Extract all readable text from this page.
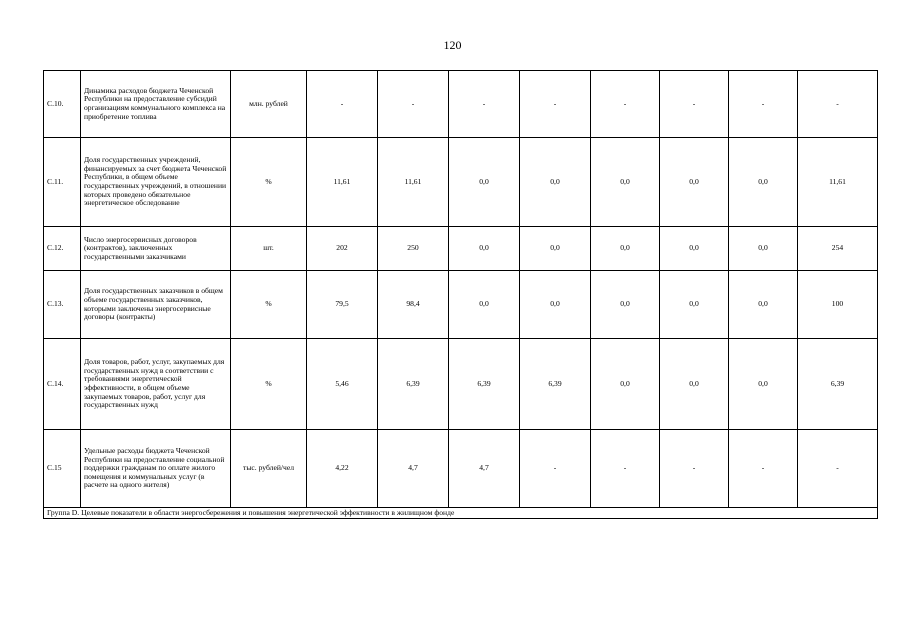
120
С.10.	Динамика расходов бюджета Чеченской Республики на предоставление субсидий организациям коммунального комплекса на приобретение топлива	млн. рублей	-	-	-	-	-	-	-	-
С.11.	Доля государственных учреждений, финансируемых за счет бюджета Чеченской Республики, в общем объеме государственных учреждений, в отношении которых проведено обязательное энергетическое обследование	%	11,61	11,61	0,0	0,0	0,0	0,0	0,0	11,61
С.12.	Число энергосервисных договоров (контрактов), заключенных государственными заказчиками	шт.	202	250	0,0	0,0	0,0	0,0	0,0	254
С.13.	Доля государственных заказчиков в общем объеме государственных заказчиков, которыми заключены энергосервисные договоры (контракты)	%	79,5	98,4	0,0	0,0	0,0	0,0	0,0	100
С.14.	Доля товаров, работ, услуг, закупаемых для государственных нужд в соответствии с требованиями энергетической эффективности, в общем объеме закупаемых товаров, работ, услуг для государственных нужд	%	5,46	6,39	6,39	6,39	0,0	0,0	0,0	6,39
С.15	Удельные расходы бюджета Чеченской Республики на предоставление социальной поддержки гражданам по оплате жилого помещения и коммунальных услуг (в расчете на одного жителя)	тыс. рублей/чел	4,22	4,7	4,7	-	-	-	-	-
Группа D. Целевые показатели в области энергосбережения и повышения энергетической эффективности в жилищном фонде										
